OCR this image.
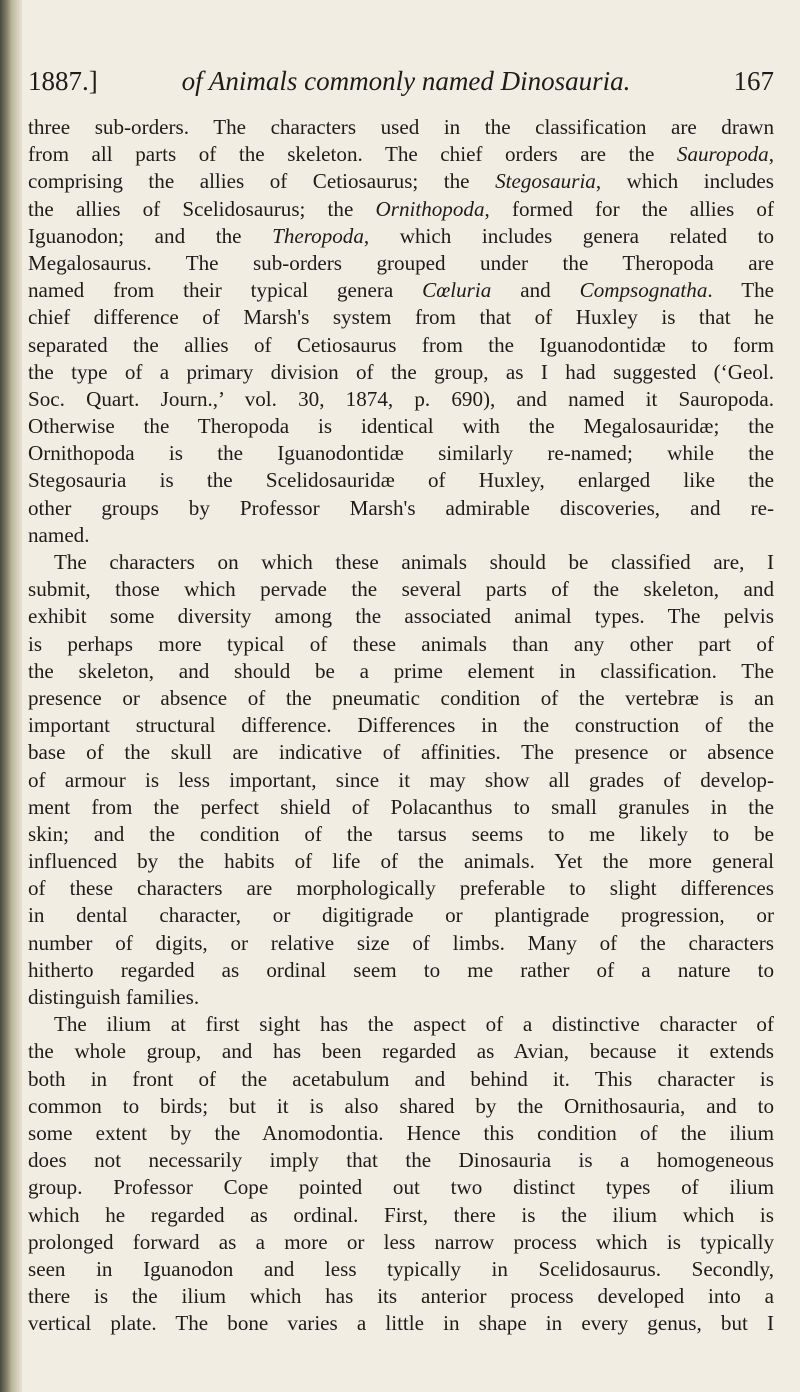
1887.]	of Animals commonly named Dinosauria.	167
three sub-orders. The characters used in the classification are drawn
from all parts of the skeleton. The chief orders are the Sauropoda,
comprising the allies of Cetiosaurus; the Stegosauria, which includes
the allies of Scelidosaurus; the Ornithopoda, formed for the allies of
Iguanodon; and the Theropoda, which includes genera related to
Megalosaurus. The sub-orders grouped under the Theropoda are
named from their typical genera Cœluria and Compsognatha. The
chief difference of Marsh's system from that of Huxley is that he
separated the allies of Cetiosaurus from the Iguanodontidæ to form
the type of a primary division of the group, as I had suggested (‘Geol.
Soc. Quart. Journ.,’ vol. 30, 1874, p. 690), and named it Sauropoda.
Otherwise the Theropoda is identical with the Megalosauridæ; the
Ornithopoda is the Iguanodontidæ similarly re-named; while the
Stegosauria is the Scelidosauridæ of Huxley, enlarged like the
other groups by Professor Marsh's admirable discoveries, and re-
named.
The characters on which these animals should be classified are, I
submit, those which pervade the several parts of the skeleton, and
exhibit some diversity among the associated animal types. The pelvis
is perhaps more typical of these animals than any other part of
the skeleton, and should be a prime element in classification. The
presence or absence of the pneumatic condition of the vertebræ is an
important structural difference. Differences in the construction of the
base of the skull are indicative of affinities. The presence or absence
of armour is less important, since it may show all grades of develop-
ment from the perfect shield of Polacanthus to small granules in the
skin; and the condition of the tarsus seems to me likely to be
influenced by the habits of life of the animals. Yet the more general
of these characters are morphologically preferable to slight differences
in dental character, or digitigrade or plantigrade progression, or
number of digits, or relative size of limbs. Many of the characters
hitherto regarded as ordinal seem to me rather of a nature to
distinguish families.
The ilium at first sight has the aspect of a distinctive character of
the whole group, and has been regarded as Avian, because it extends
both in front of the acetabulum and behind it. This character is
common to birds; but it is also shared by the Ornithosauria, and to
some extent by the Anomodontia. Hence this condition of the ilium
does not necessarily imply that the Dinosauria is a homogeneous
group. Professor Cope pointed out two distinct types of ilium
which he regarded as ordinal. First, there is the ilium which is
prolonged forward as a more or less narrow process which is typically
seen in Iguanodon and less typically in Scelidosaurus. Secondly,
there is the ilium which has its anterior process developed into a
vertical plate. The bone varies a little in shape in every genus, but I
